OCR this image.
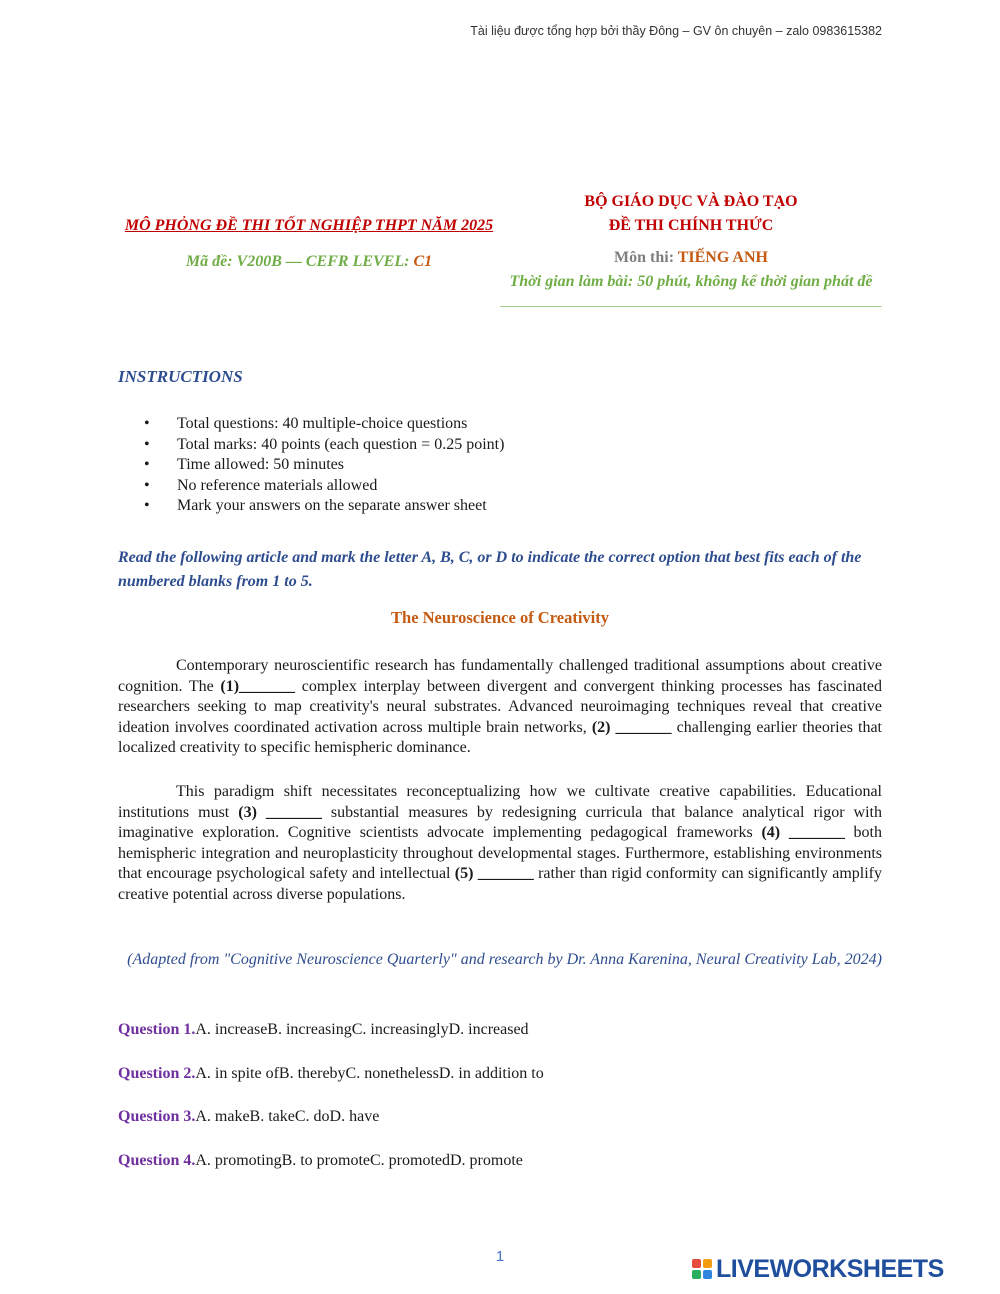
Tài liệu được tổng hợp bởi thầy Đông – GV ôn chuyên – zalo 0983615382
MÔ PHỎNG ĐỀ THI TỐT NGHIỆP THPT NĂM 2025
Mã đề: V200B — CEFR LEVEL: C1
BỘ GIÁO DỤC VÀ ĐÀO TẠO
ĐỀ THI CHÍNH THỨC
Môn thi: TIẾNG ANH
Thời gian làm bài: 50 phút, không kể thời gian phát đề
INSTRUCTIONS
• Total questions: 40 multiple-choice questions
• Total marks: 40 points (each question = 0.25 point)
• Time allowed: 50 minutes
• No reference materials allowed
• Mark your answers on the separate answer sheet
Read the following article and mark the letter A, B, C, or D to indicate the correct option that best fits each of the numbered blanks from 1 to 5.
The Neuroscience of Creativity

Contemporary neuroscientific research has fundamentally challenged traditional assumptions about creative cognition. The (1)_______ complex interplay between divergent and convergent thinking processes has fascinated researchers seeking to map creativity's neural substrates. Advanced neuroimaging techniques reveal that creative ideation involves coordinated activation across multiple brain networks, (2) _______ challenging earlier theories that localized creativity to specific hemispheric dominance.

This paradigm shift necessitates reconceptualizing how we cultivate creative capabilities. Educational institutions must (3) _______ substantial measures by redesigning curricula that balance analytical rigor with imaginative exploration. Cognitive scientists advocate implementing pedagogical frameworks (4) _______ both hemispheric integration and neuroplasticity throughout developmental stages. Furthermore, establishing environments that encourage psychological safety and intellectual (5) _______ rather than rigid conformity can significantly amplify creative potential across diverse populations.

(Adapted from "Cognitive Neuroscience Quarterly" and research by Dr. Anna Karenina, Neural Creativity Lab, 2024)
Question 1.A. increaseB. increasingC. increasinglyD. increased
Question 2.A. in spite ofB. therebyC. nonethelessD. in addition to
Question 3.A. makeB. takeC. doD. have
Question 4.A. promotingB. to promoteC. promotedD. promote
1	LIVEWORKSHEETS
